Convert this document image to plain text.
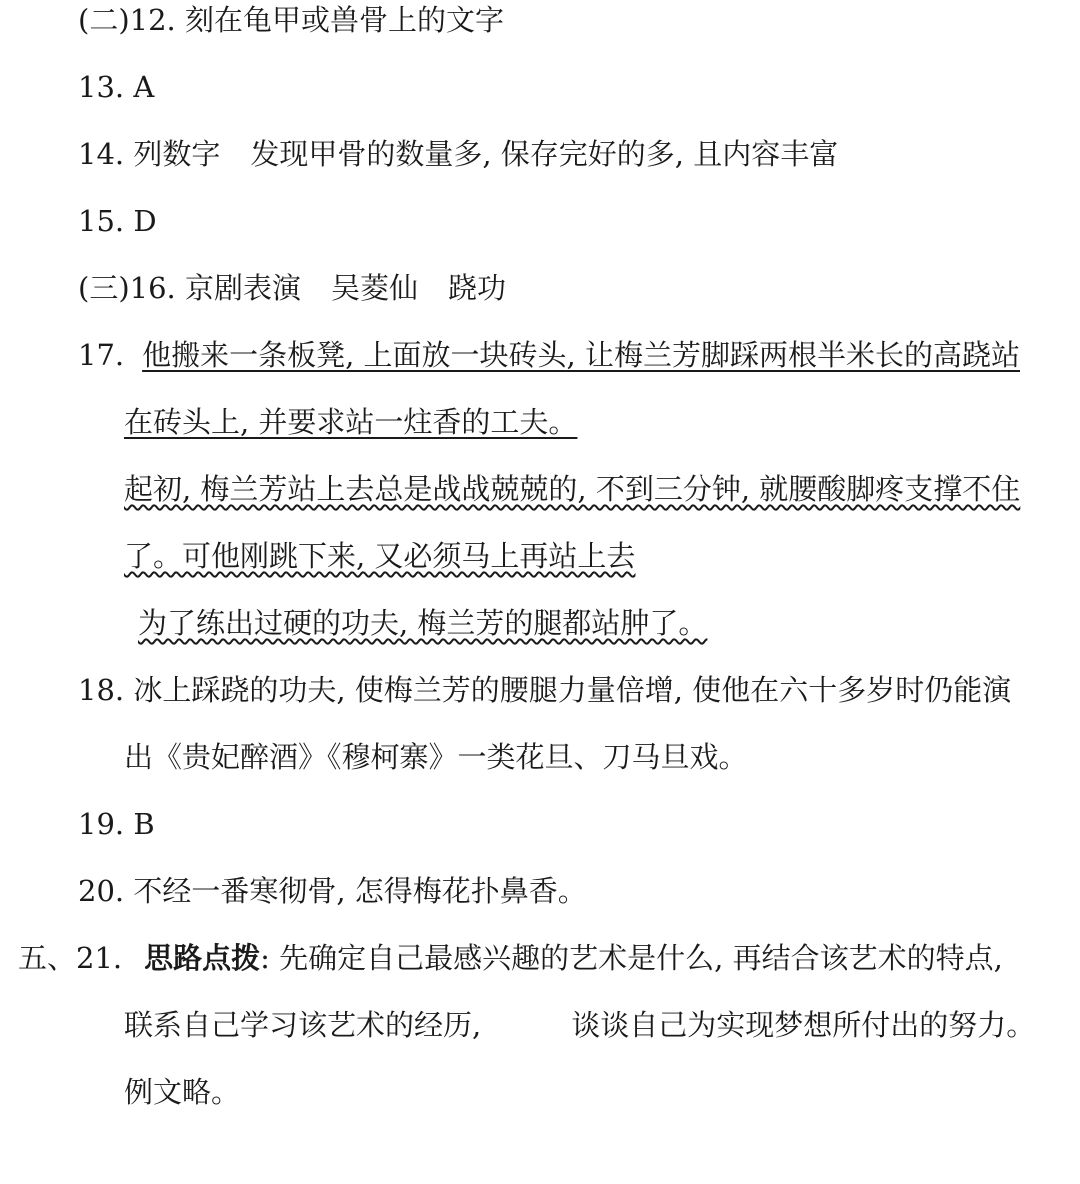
(二)12. 刻在龟甲或兽骨上的文字
13. A
14. 列数字 发现甲骨的数量多, 保存完好的多, 且内容丰富
15. D
(三)16. 京剧表演 吴菱仙 跷功
17. 他搬来一条板凳, 上面放一块砖头, 让梅兰芳脚踩两根半米长的高跷站
在砖头上, 并要求站一炷香的工夫。
起初, 梅兰芳站上去总是战战兢兢的, 不到三分钟, 就腰酸脚疼支撑不住
了。可他刚跳下来, 又必须马上再站上去
为了练出过硬的功夫, 梅兰芳的腿都站肿了。
18. 冰上踩跷的功夫, 使梅兰芳的腰腿力量倍增, 使他在六十多岁时仍能演
出《贵妃醉酒》《穆柯寨》一类花旦、刀马旦戏。
19. B
20. 不经一番寒彻骨, 怎得梅花扑鼻香。
五、21. 思路点拨: 先确定自己最感兴趣的艺术是什么, 再结合该艺术的特点,
联系自己学习该艺术的经历,	谈谈自己为实现梦想所付出的努力。
例文略。
